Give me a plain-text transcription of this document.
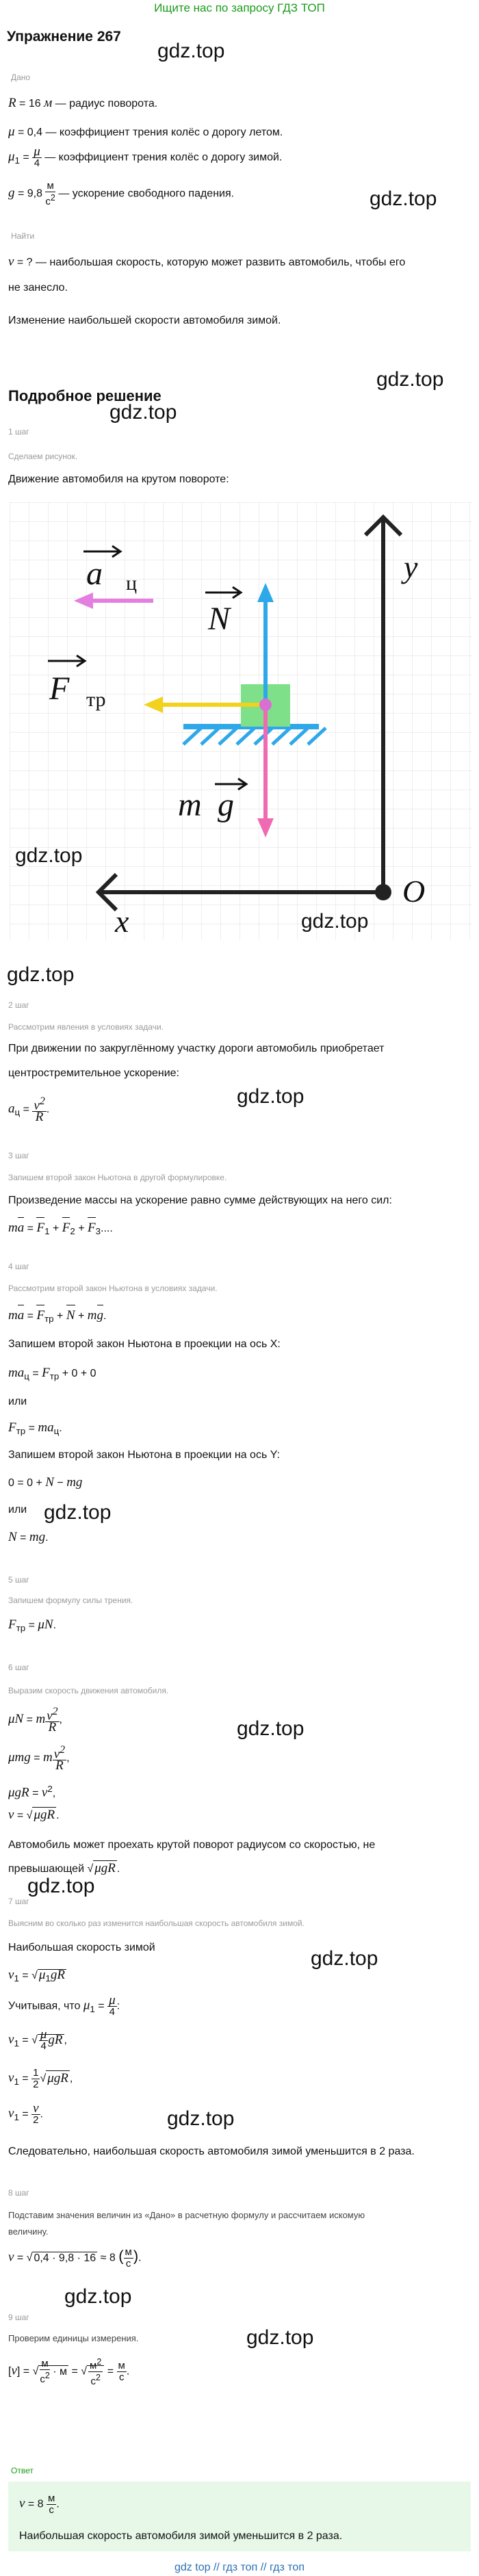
Ищите нас по запросу ГДЗ ТОП
Упражнение 267
gdz.top
Дано
R = 16 м — радиус поворота.
μ = 0,4 — коэффициент трения колёс о дорогу летом.
$\mu_1 = \frac{\mu}{4}$ — коэффициент трения колёс о дорогу зимой.
$g = 9,8 \frac{м}{с^2}$ — ускорение свободного падения.	gdz.top
Найти
v = ? — наибольшая скорость, которую может развить автомобиль, чтобы его
не занесло.
Изменение наибольшей скорости автомобиля зимой.
gdz.top
Подробное решение
gdz.top
1 шаг
Сделаем рисунок.
Движение автомобиля на крутом повороте:
O
y
x
a ц
N
F тр
m g
gdz.top
gdz.top
gdz.top
2 шаг
Рассмотрим явления в условиях задачи.
При движении по закруглённому участку дороги автомобиль приобретает
центростремительное ускорение:
gdz.top
$a_ц = \frac{v^2}{R}$ .
3 шаг
Запишем второй закон Ньютона в другой формулировке.
Произведение массы на ускорение равно сумме действующих на него сил:
ma = $F_1 + F_2 + F_3$....
4 шаг
Рассмотрим второй закон Ньютона в условиях задачи.
ma = $F_{тр} + N$ + mg.
Запишем второй закон Ньютона в проекции на ось X:
$ma_ц = F_{тр} + 0 + 0$
или
$F_{тр} = ma_ц$.
Запишем второй закон Ньютона в проекции на ось Y:
0 = 0 + N − mg
или gdz.top
N = mg.
5 шаг
Запишем формулу силы трения.
$F_{тр} = \mu N$.
6 шаг
Выразим скорость движения автомобиля.
μN = m $\frac{v^2}{R}$ ,	gdz.top
μmg = m $\frac{v^2}{R}$ ,
$\mu gR = v^2$,
v = √ μgR .
Автомобиль может проехать крутой поворот радиусом со скоростью, не
превышающей √ μgR .
gdz.top
7 шаг
Выясним во сколько раз изменится наибольшая скорость автомобиля зимой.
Наибольшая скорость зимой	gdz.top
$v_1$ = √ $\mu_1gR$
Учитывая, что $\mu_1 = \frac{\mu}{4}$ :
$v_1$ = √ $\frac{\mu}{4}$ gR ,
$v_1 = \frac{1}{2}$ √ μgR ,
$v_1 = \frac{v}{2}$ .	gdz.top
Следовательно, наибольшая скорость автомобиля зимой уменьшится в 2 раза.
8 шаг
Подставим значения величин из «Дано» в расчетную формулу и рассчитаем искомую
величину.
v = √ 0,4 · 9,8 · 16 ≈ 8 ( $\frac{м}{с}$ ).
gdz.top
gdz.top
9 шаг
Проверим единицы измерения.
[v] = √ $\frac{м}{с^2} \cdot м$ = √ $\frac{м^2}{с^2} = \frac{м}{с}$ .
Ответ
$v = 8 \frac{м}{с}$ .
Наибольшая скорость автомобиля зимой уменьшится в 2 раза.
gdz top // гдз топ // гдз топ
